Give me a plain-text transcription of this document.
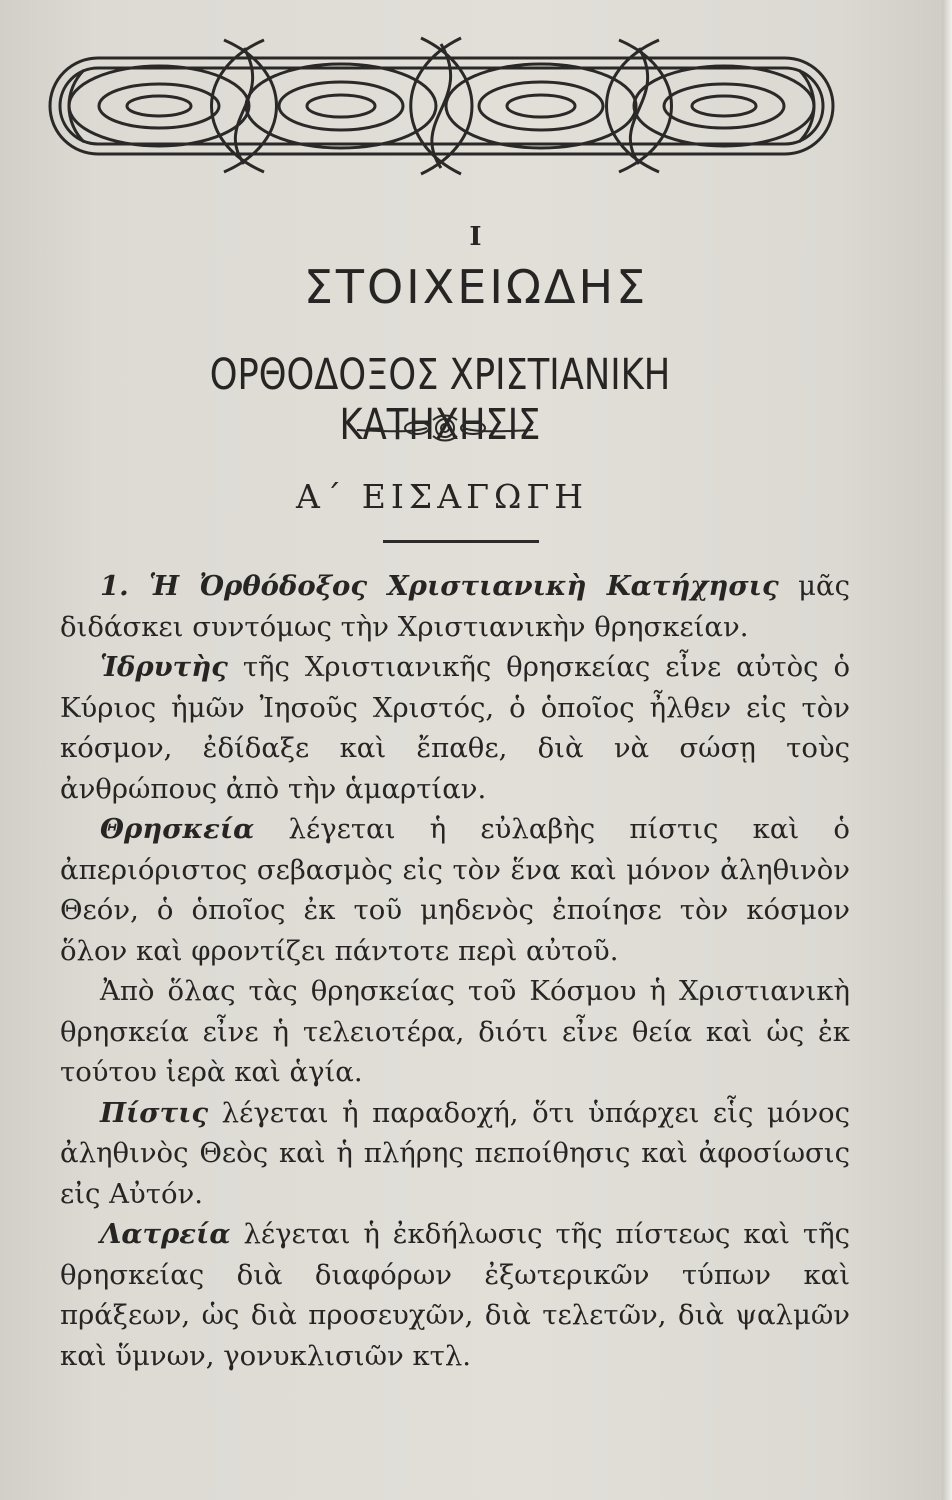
Ι
ΣΤΟΙΧΕΙΩΔΗΣ
ΟΡΘΟΔΟΞΟΣ ΧΡΙΣΤΙΑΝΙΚΗ ΚΑΤΗΧΗΣΙΣ
Α΄ ΕΙΣΑΓΩΓΗ

1. Ἡ Ὀρθόδοξος Χριστιανικὴ Κατήχησις μᾶς διδάσκει συντόμως τὴν Χριστιανικὴν θρησκείαν.

Ἱδρυτὴς τῆς Χριστιανικῆς θρησκείας εἶνε αὐτὸς ὁ Κύριος ἡμῶν Ἰησοῦς Χριστός, ὁ ὁποῖος ἦλθεν εἰς τὸν κόσμον, ἐδίδαξε καὶ ἔπαθε, διὰ νὰ σώσῃ τοὺς ἀνθρώπους ἀπὸ τὴν ἁμαρτίαν.

Θρησκεία λέγεται ἡ εὐλαβὴς πίστις καὶ ὁ ἀπεριόριστος σεβασμὸς εἰς τὸν ἕνα καὶ μόνον ἀληθινὸν Θεόν, ὁ ὁποῖος ἐκ τοῦ μηδενὸς ἐποίησε τὸν κόσμον ὅλον καὶ φροντίζει πάντοτε περὶ αὐτοῦ.

Ἀπὸ ὅλας τὰς θρησκείας τοῦ Κόσμου ἡ Χριστιανικὴ θρησκεία εἶνε ἡ τελειοτέρα, διότι εἶνε θεία καὶ ὡς ἐκ τούτου ἱερὰ καὶ ἁγία.

Πίστις λέγεται ἡ παραδοχή, ὅτι ὑπάρχει εἷς μόνος ἀληθινὸς Θεὸς καὶ ἡ πλήρης πεποίθησις καὶ ἀφοσίωσις εἰς Αὐτόν.

Λατρεία λέγεται ἡ ἐκδήλωσις τῆς πίστεως καὶ τῆς θρησκείας διὰ διαφόρων ἐξωτερικῶν τύπων καὶ πράξεων, ὡς διὰ προσευχῶν, διὰ τελετῶν, διὰ ψαλμῶν καὶ ὕμνων, γονυκλισιῶν κτλ.
